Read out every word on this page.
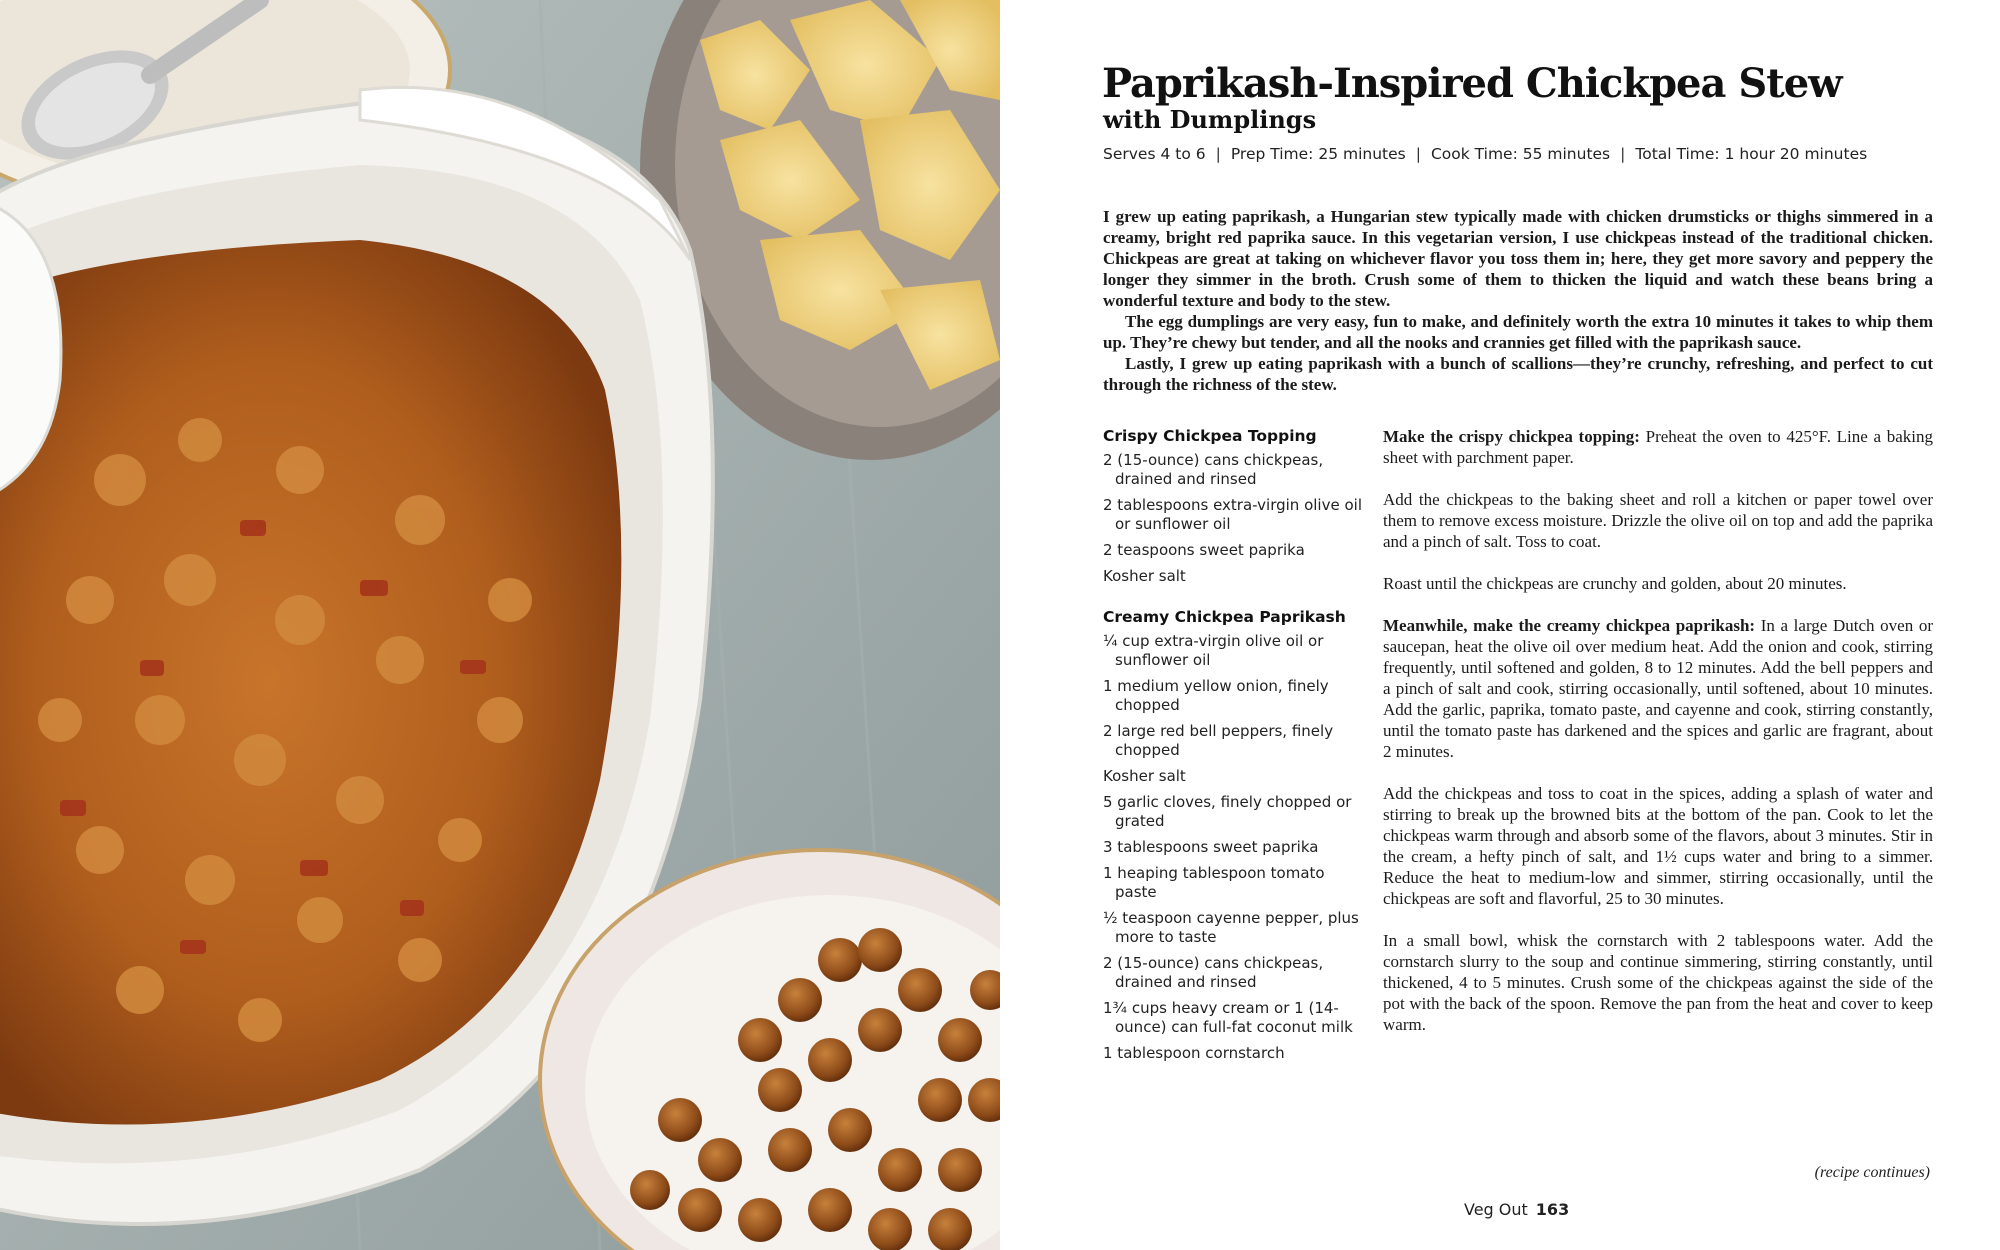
Paprikash-Inspired Chickpea Stew
with Dumplings
Serves 4 to 6 | Prep Time: 25 minutes | Cook Time: 55 minutes | Total Time: 1 hour 20 minutes

I grew up eating paprikash, a Hungarian stew typically made with chicken drumsticks or thighs simmered in a creamy, bright red paprika sauce. In this vegetarian version, I use chickpeas instead of the traditional chicken. Chickpeas are great at taking on whichever flavor you toss them in; here, they get more savory and peppery the longer they simmer in the broth. Crush some of them to thicken the liquid and watch these beans bring a wonderful texture and body to the stew.

The egg dumplings are very easy, fun to make, and definitely worth the extra 10 minutes it takes to whip them up. They’re chewy but tender, and all the nooks and crannies get filled with the paprikash sauce.

Lastly, I grew up eating paprikash with a bunch of scallions—they’re crunchy, refreshing, and perfect to cut through the richness of the stew.

Crispy Chickpea Topping
2 (15-ounce) cans chickpeas, drained and rinsed
2 tablespoons extra-virgin olive oil or sunflower oil
2 teaspoons sweet paprika
Kosher salt
Creamy Chickpea Paprikash
¼ cup extra-virgin olive oil or sunflower oil
1 medium yellow onion, finely chopped
2 large red bell peppers, finely chopped
Kosher salt
5 garlic cloves, finely chopped or grated
3 tablespoons sweet paprika
1 heaping tablespoon tomato paste
½ teaspoon cayenne pepper, plus more to taste
2 (15-ounce) cans chickpeas, drained and rinsed
1¾ cups heavy cream or 1 (14-ounce) can full-fat coconut milk
1 tablespoon cornstarch

Make the crispy chickpea topping: Preheat the oven to 425°F. Line a baking sheet with parchment paper.

Add the chickpeas to the baking sheet and roll a kitchen or paper towel over them to remove excess moisture. Drizzle the olive oil on top and add the paprika and a pinch of salt. Toss to coat.

Roast until the chickpeas are crunchy and golden, about 20 minutes.

Meanwhile, make the creamy chickpea paprikash: In a large Dutch oven or saucepan, heat the olive oil over medium heat. Add the onion and cook, stirring frequently, until softened and golden, 8 to 12 minutes. Add the bell peppers and a pinch of salt and cook, stirring occasionally, until softened, about 10 minutes. Add the garlic, paprika, tomato paste, and cayenne and cook, stirring constantly, until the tomato paste has darkened and the spices and garlic are fragrant, about 2 minutes.

Add the chickpeas and toss to coat in the spices, adding a splash of water and stirring to break up the browned bits at the bottom of the pan. Cook to let the chickpeas warm through and absorb some of the flavors, about 3 minutes. Stir in the cream, a hefty pinch of salt, and 1½ cups water and bring to a simmer. Reduce the heat to medium-low and simmer, stirring occasionally, until the chickpeas are soft and flavorful, 25 to 30 minutes.

In a small bowl, whisk the cornstarch with 2 tablespoons water. Add the cornstarch slurry to the soup and continue simmering, stirring constantly, until thickened, 4 to 5 minutes. Crush some of the chickpeas against the side of the pot with the back of the spoon. Remove the pan from the heat and cover to keep warm.

(recipe continues)
Veg Out 163
